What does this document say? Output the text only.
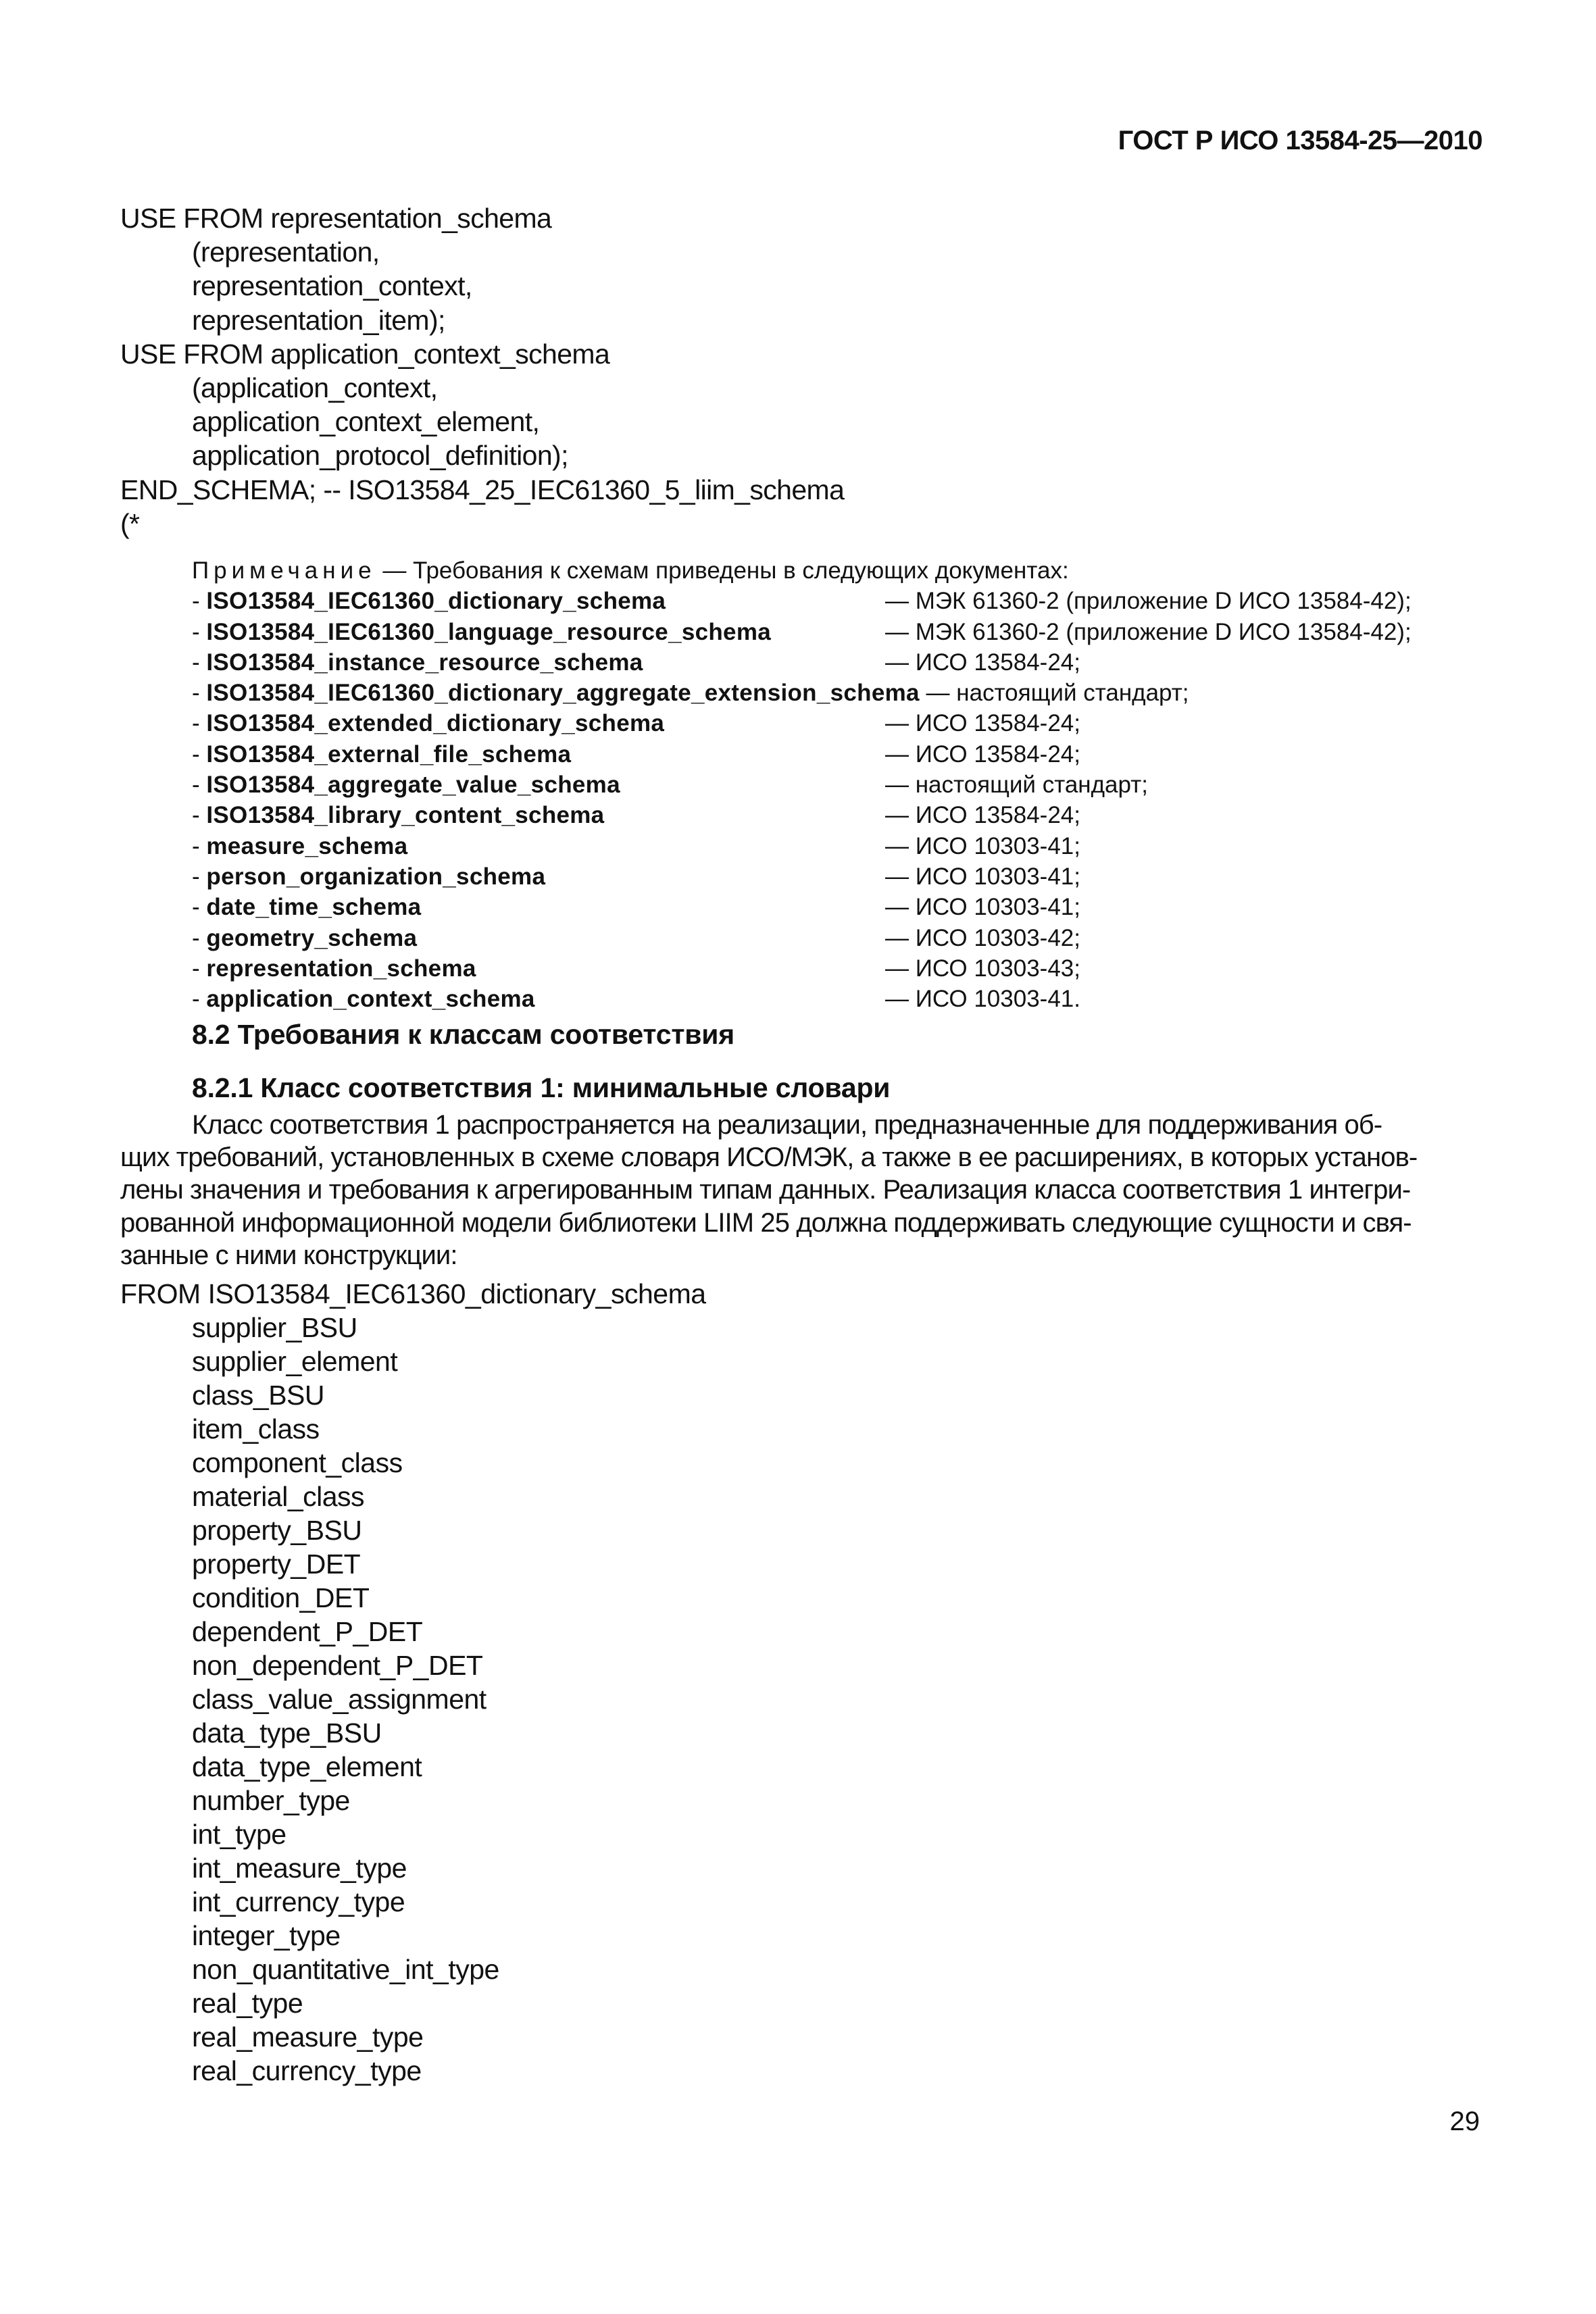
ГОСТ Р ИСО 13584-25—2010
USE FROM representation_schema
(representation,
representation_context,
representation_item);
USE FROM application_context_schema
(application_context,
application_context_element,
application_protocol_definition);
END_SCHEMA; -- ISO13584_25_IEC61360_5_liim_schema
(*
Примечание — Требования к схемам приведены в следующих документах:
- ISO13584_IEC61360_dictionary_schema	— МЭК 61360-2 (приложение D ИСО 13584-42);
- ISO13584_IEC61360_language_resource_schema	— МЭК 61360-2 (приложение D ИСО 13584-42);
- ISO13584_instance_resource_schema	— ИСО 13584-24;
- ISO13584_IEC61360_dictionary_aggregate_extension_schema — настоящий стандарт;
- ISO13584_extended_dictionary_schema	— ИСО 13584-24;
- ISO13584_external_file_schema	— ИСО 13584-24;
- ISO13584_aggregate_value_schema	— настоящий стандарт;
- ISO13584_library_content_schema	— ИСО 13584-24;
- measure_schema	— ИСО 10303-41;
- person_organization_schema	— ИСО 10303-41;
- date_time_schema	— ИСО 10303-41;
- geometry_schema	— ИСО 10303-42;
- representation_schema	— ИСО 10303-43;
- application_context_schema	— ИСО 10303-41.
8.2 Требования к классам соответствия
8.2.1 Класс соответствия 1: минимальные словари
Класс соответствия 1 распространяется на реализации, предназначенные для поддерживания об-
щих требований, установленных в схеме словаря ИСО/МЭК, а также в ее расширениях, в которых установ-
лены значения и требования к агрегированным типам данных. Реализация класса соответствия 1 интегри-
рованной информационной модели библиотеки LIIM 25 должна поддерживать следующие сущности и свя-
занные с ними конструкции:
FROM ISO13584_IEC61360_dictionary_schema
supplier_BSU
supplier_element
class_BSU
item_class
component_class
material_class
property_BSU
property_DET
condition_DET
dependent_P_DET
non_dependent_P_DET
class_value_assignment
data_type_BSU
data_type_element
number_type
int_type
int_measure_type
int_currency_type
integer_type
non_quantitative_int_type
real_type
real_measure_type
real_currency_type
29
